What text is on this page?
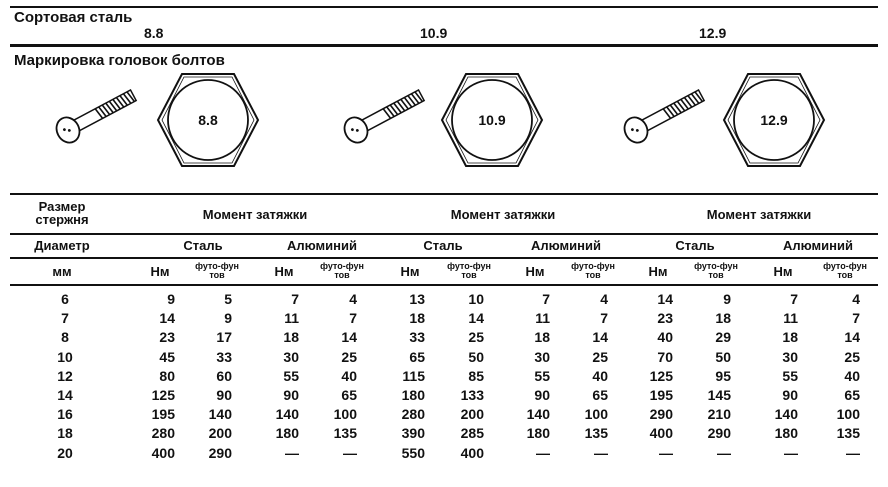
Сортовая сталь
8.8	10.9	12.9
Маркировка головок болтов
8.8	10.9	12.9
Размер стержня	Момент затяжки	Момент затяжки	Момент затяжки
Диаметр	Сталь	Алюминий	Сталь	Алюминий	Сталь	Алюминий
мм	Нм	футо-фунтов	Нм	футо-фунтов	Нм	футо-фунтов	Нм	футо-фунтов	Нм	футо-фунтов	Нм	футо-фунтов
6	9	5	7	4	13	10	7	4	14	9	7	4
7	14	9	11	7	18	14	11	7	23	18	11	7
8	23	17	18	14	33	25	18	14	40	29	18	14
10	45	33	30	25	65	50	30	25	70	50	30	25
12	80	60	55	40	115	85	55	40	125	95	55	40
14	125	90	90	65	180	133	90	65	195	145	90	65
16	195	140	140	100	280	200	140	100	290	210	140	100
18	280	200	180	135	390	285	180	135	400	290	180	135
20	400	290	—	—	550	400	—	—	—	—	—	—
